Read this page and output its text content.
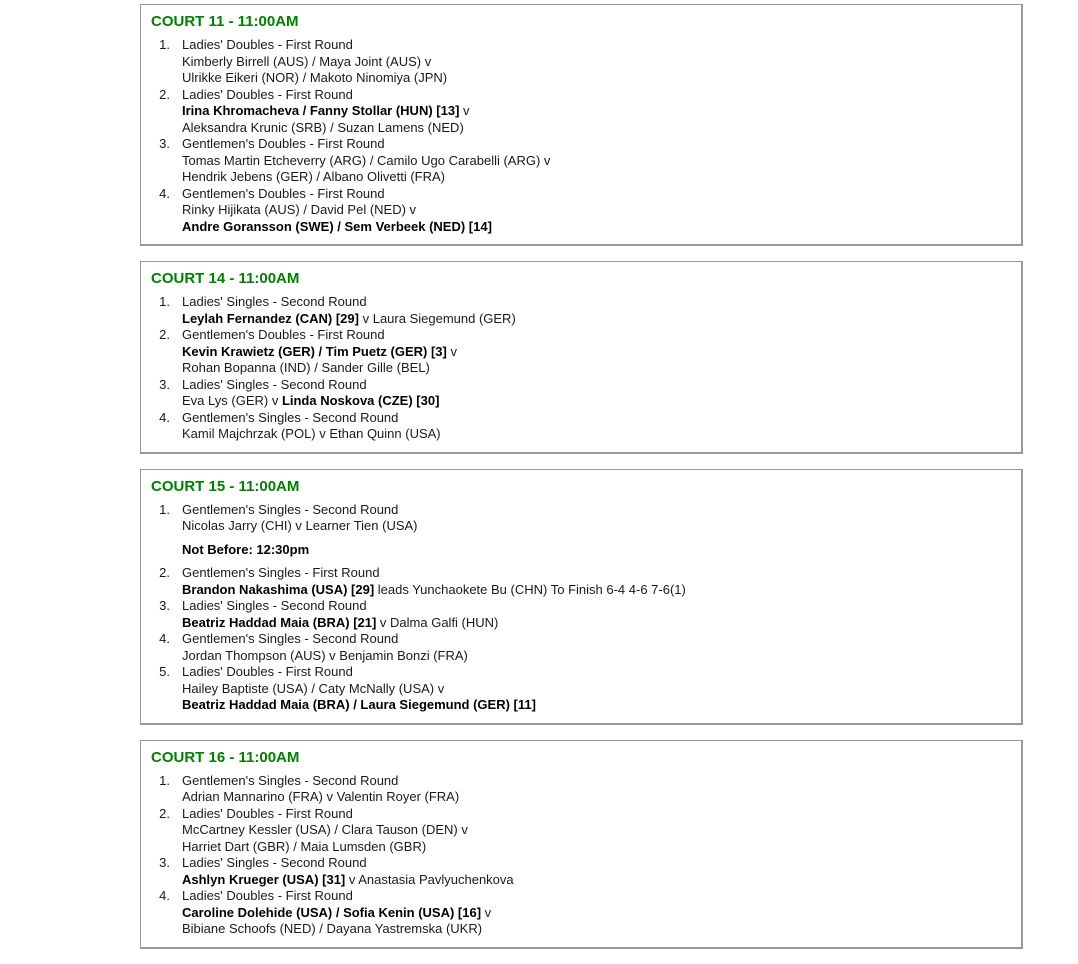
COURT 11 - 11:00AM
1. Ladies' Doubles - First Round
Kimberly Birrell (AUS) / Maya Joint (AUS) v
Ulrikke Eikeri (NOR) / Makoto Ninomiya (JPN)
2. Ladies' Doubles - First Round
Irina Khromacheva / Fanny Stollar (HUN) [13] v
Aleksandra Krunic (SRB) / Suzan Lamens (NED)
3. Gentlemen's Doubles - First Round
Tomas Martin Etcheverry (ARG) / Camilo Ugo Carabelli (ARG) v
Hendrik Jebens (GER) / Albano Olivetti (FRA)
4. Gentlemen's Doubles - First Round
Rinky Hijikata (AUS) / David Pel (NED) v
Andre Goransson (SWE) / Sem Verbeek (NED) [14]
COURT 14 - 11:00AM
1. Ladies' Singles - Second Round
Leylah Fernandez (CAN) [29] v Laura Siegemund (GER)
2. Gentlemen's Doubles - First Round
Kevin Krawietz (GER) / Tim Puetz (GER) [3] v
Rohan Bopanna (IND) / Sander Gille (BEL)
3. Ladies' Singles - Second Round
Eva Lys (GER) v Linda Noskova (CZE) [30]
4. Gentlemen's Singles - Second Round
Kamil Majchrzak (POL) v Ethan Quinn (USA)
COURT 15 - 11:00AM
1. Gentlemen's Singles - Second Round
Nicolas Jarry (CHI) v Learner Tien (USA)
Not Before: 12:30pm
2. Gentlemen's Singles - First Round
Brandon Nakashima (USA) [29] leads Yunchaokete Bu (CHN) To Finish 6-4 4-6 7-6(1)
3. Ladies' Singles - Second Round
Beatriz Haddad Maia (BRA) [21] v Dalma Galfi (HUN)
4. Gentlemen's Singles - Second Round
Jordan Thompson (AUS) v Benjamin Bonzi (FRA)
5. Ladies' Doubles - First Round
Hailey Baptiste (USA) / Caty McNally (USA) v
Beatriz Haddad Maia (BRA) / Laura Siegemund (GER) [11]
COURT 16 - 11:00AM
1. Gentlemen's Singles - Second Round
Adrian Mannarino (FRA) v Valentin Royer (FRA)
2. Ladies' Doubles - First Round
McCartney Kessler (USA) / Clara Tauson (DEN) v
Harriet Dart (GBR) / Maia Lumsden (GBR)
3. Ladies' Singles - Second Round
Ashlyn Krueger (USA) [31] v Anastasia Pavlyuchenkova
4. Ladies' Doubles - First Round
Caroline Dolehide (USA) / Sofia Kenin (USA) [16] v
Bibiane Schoofs (NED) / Dayana Yastremska (UKR)
